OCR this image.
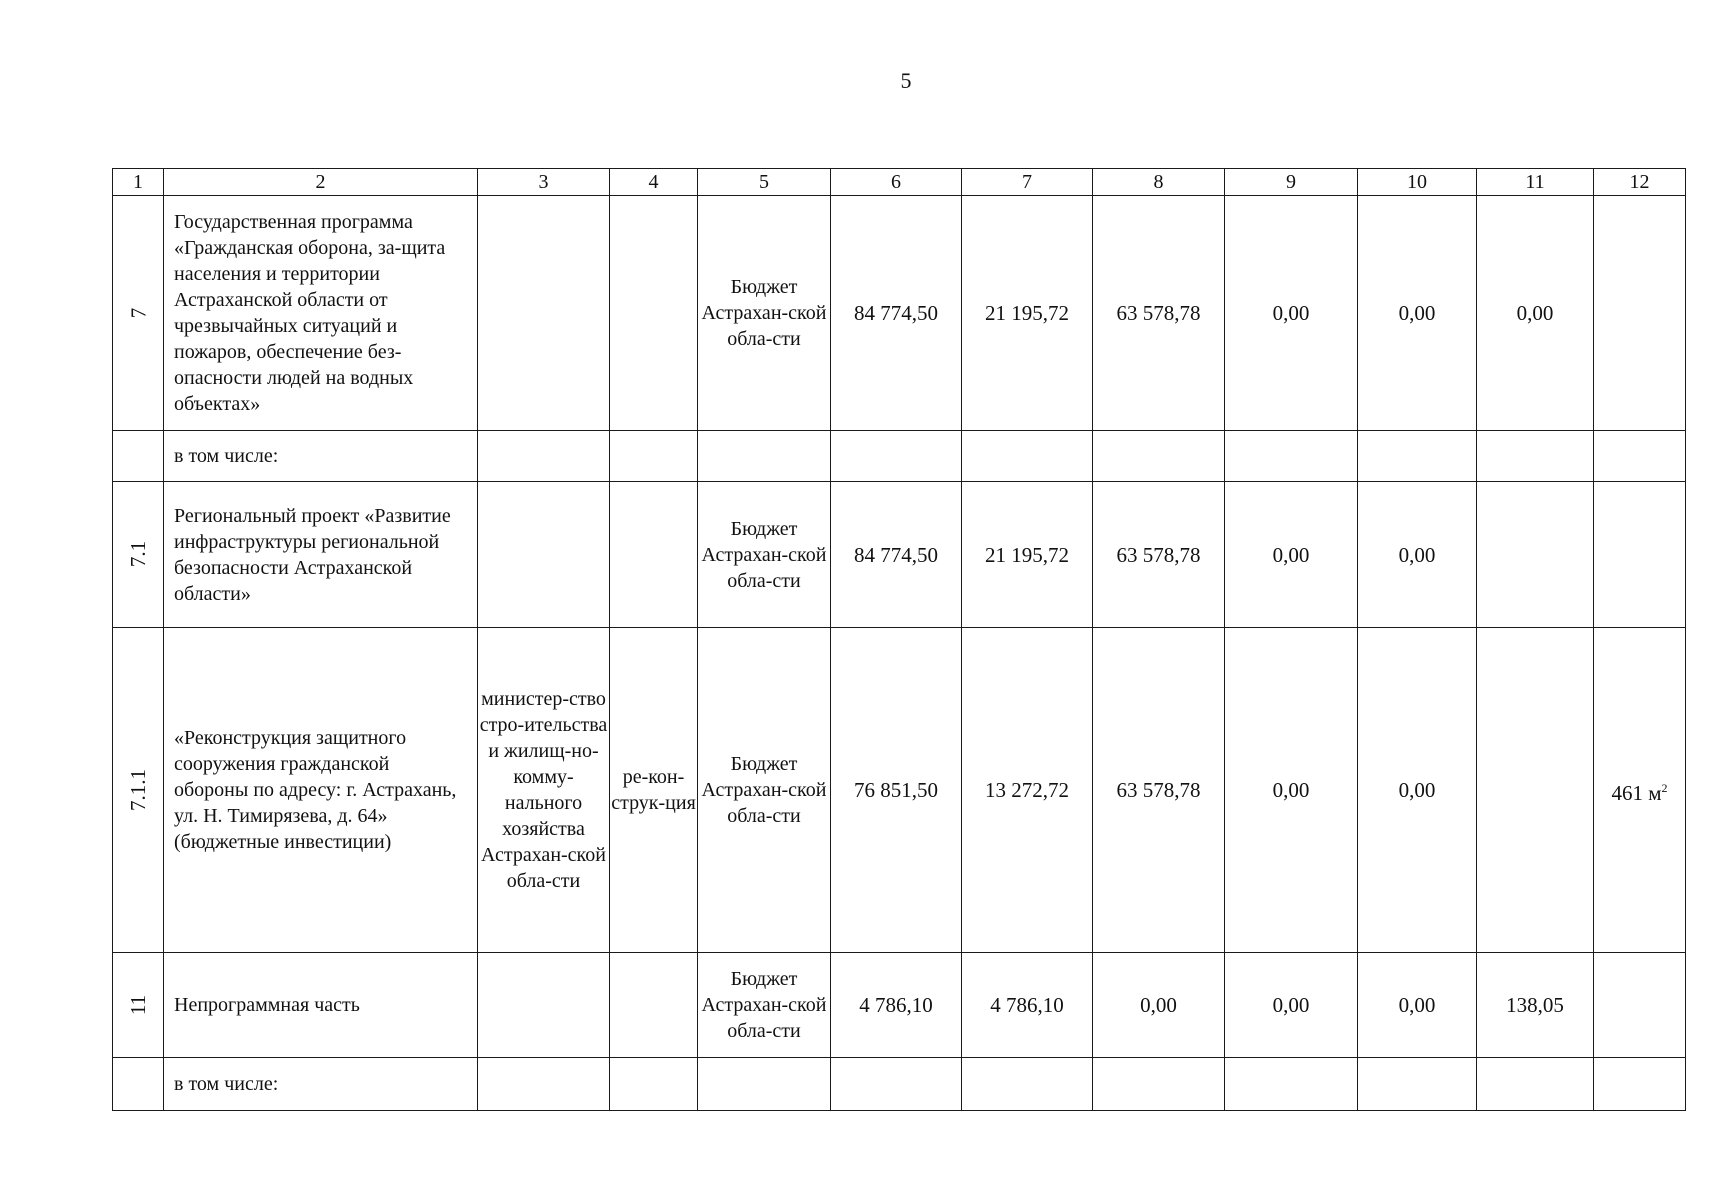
5
1	2	3	4	5	6	7	8	9	10	11	12
7	Государственная программа «Гражданская оборона, за-щита населения и территории Астраханской области от чрезвычайных ситуаций и пожаров, обеспечение без-опасности людей на водных объектах»			Бюджет Астрахан-ской обла-сти	84 774,50	21 195,72	63 578,78	0,00	0,00	0,00	
	в том числе:										
7.1	Региональный проект «Развитие инфраструктуры региональной безопасности Астраханской области»			Бюджет Астрахан-ской обла-сти	84 774,50	21 195,72	63 578,78	0,00	0,00		
7.1.1	«Реконструкция защитного сооружения гражданской обороны по адресу: г. Астрахань, ул. Н. Тимирязева, д. 64» (бюджетные инвестиции)	министер-ство стро-ительства и жилищ-но-комму-нального хозяйства Астрахан-ской обла-сти	ре-кон-струк-ция	Бюджет Астрахан-ской обла-сти	76 851,50	13 272,72	63 578,78	0,00	0,00		461 $м^2$
11	Непрограммная часть			Бюджет Астрахан-ской обла-сти	4 786,10	4 786,10	0,00	0,00	0,00	138,05	
	в том числе:										
